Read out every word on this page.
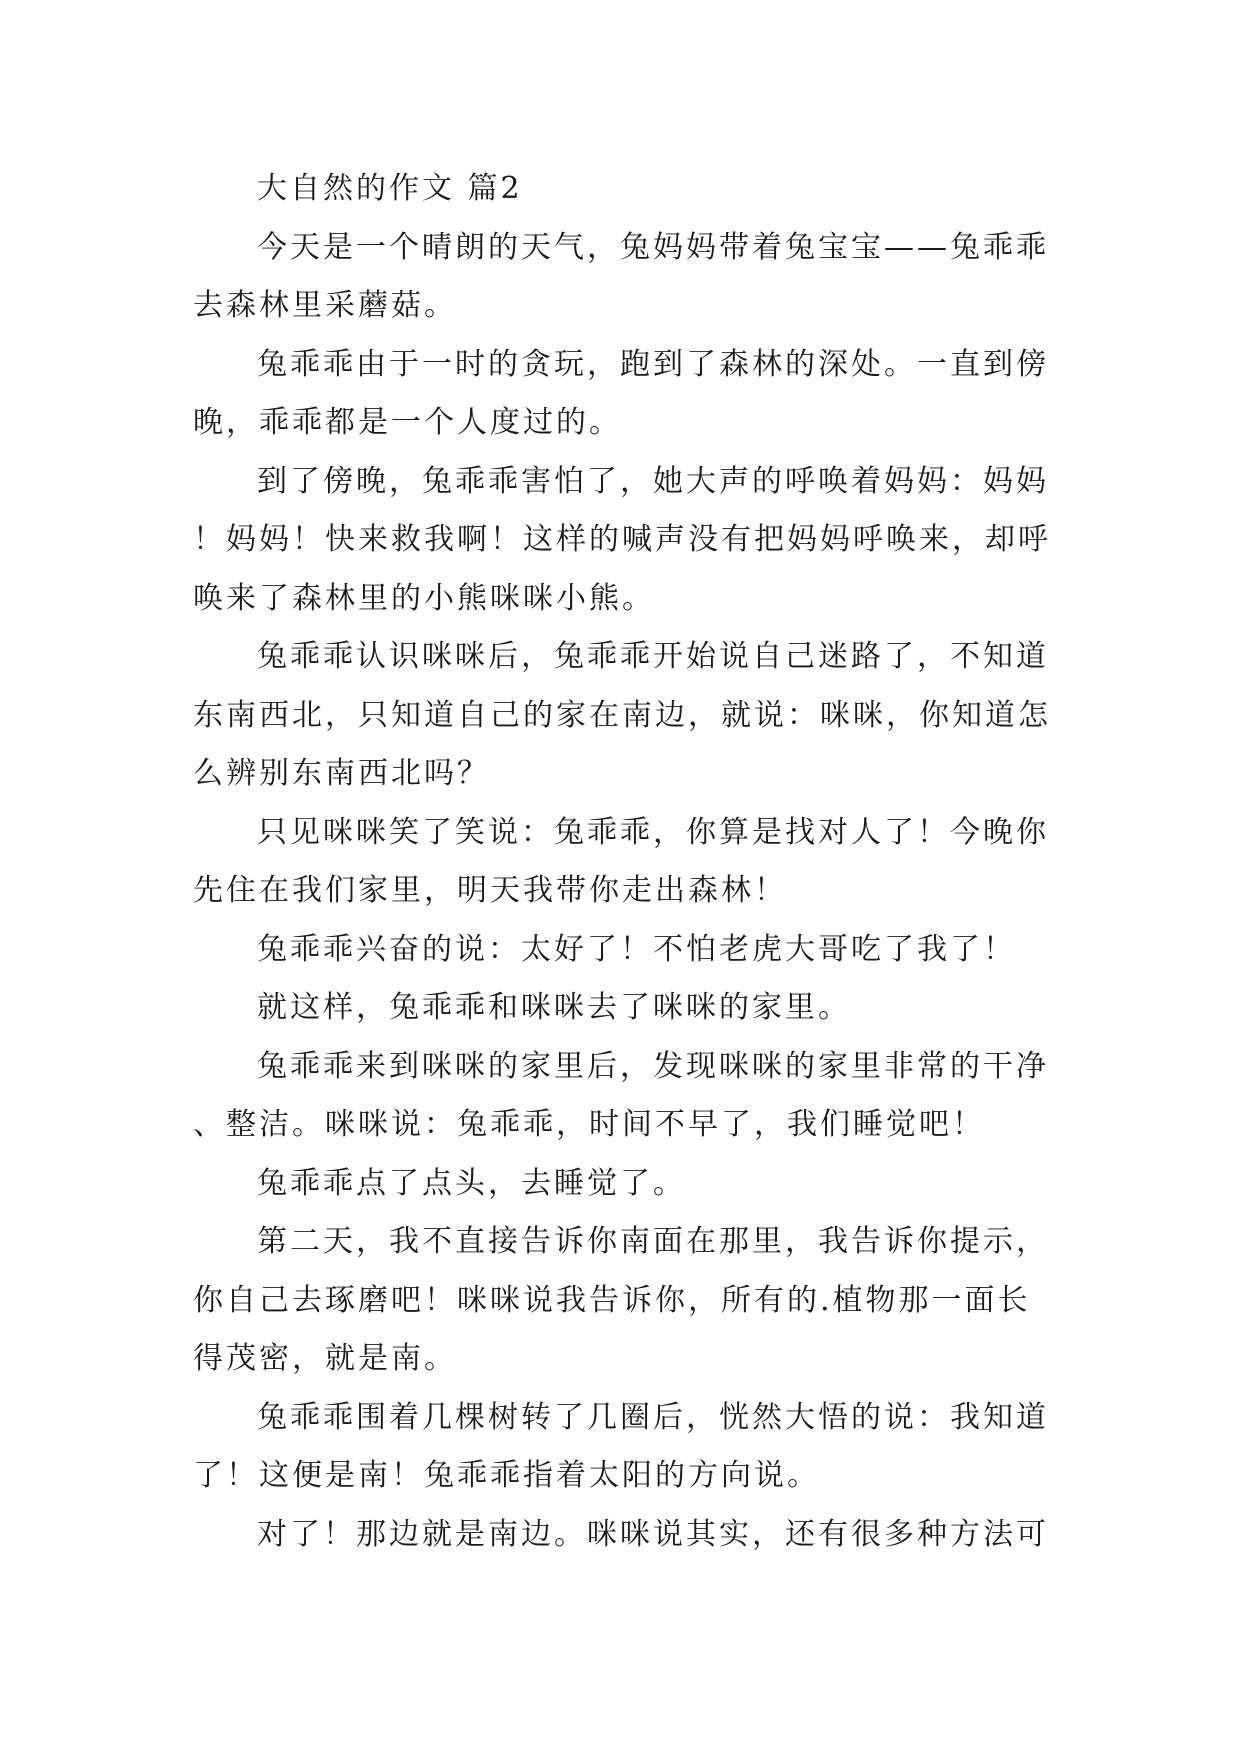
大自然的作文 篇2

今天是一个晴朗的天气，兔妈妈带着兔宝宝——兔乖乖去森林里采蘑菇。

兔乖乖由于一时的贪玩，跑到了森林的深处。一直到傍晚，乖乖都是一个人度过的。

到了傍晚，兔乖乖害怕了，她大声的呼唤着妈妈：妈妈！妈妈！快来救我啊！这样的喊声没有把妈妈呼唤来，却呼唤来了森林里的小熊咪咪小熊。

兔乖乖认识咪咪后，兔乖乖开始说自己迷路了，不知道东南西北，只知道自己的家在南边，就说：咪咪，你知道怎么辨别东南西北吗？

只见咪咪笑了笑说：兔乖乖，你算是找对人了！今晚你先住在我们家里，明天我带你走出森林！

兔乖乖兴奋的说：太好了！不怕老虎大哥吃了我了！

就这样，兔乖乖和咪咪去了咪咪的家里。

兔乖乖来到咪咪的家里后，发现咪咪的家里非常的干净、整洁。咪咪说：兔乖乖，时间不早了，我们睡觉吧！

兔乖乖点了点头，去睡觉了。

第二天，我不直接告诉你南面在那里，我告诉你提示，你自己去琢磨吧！咪咪说我告诉你，所有的.植物那一面长得茂密，就是南。

兔乖乖围着几棵树转了几圈后，恍然大悟的说：我知道了！这便是南！兔乖乖指着太阳的方向说。

对了！那边就是南边。咪咪说其实，还有很多种方法可
